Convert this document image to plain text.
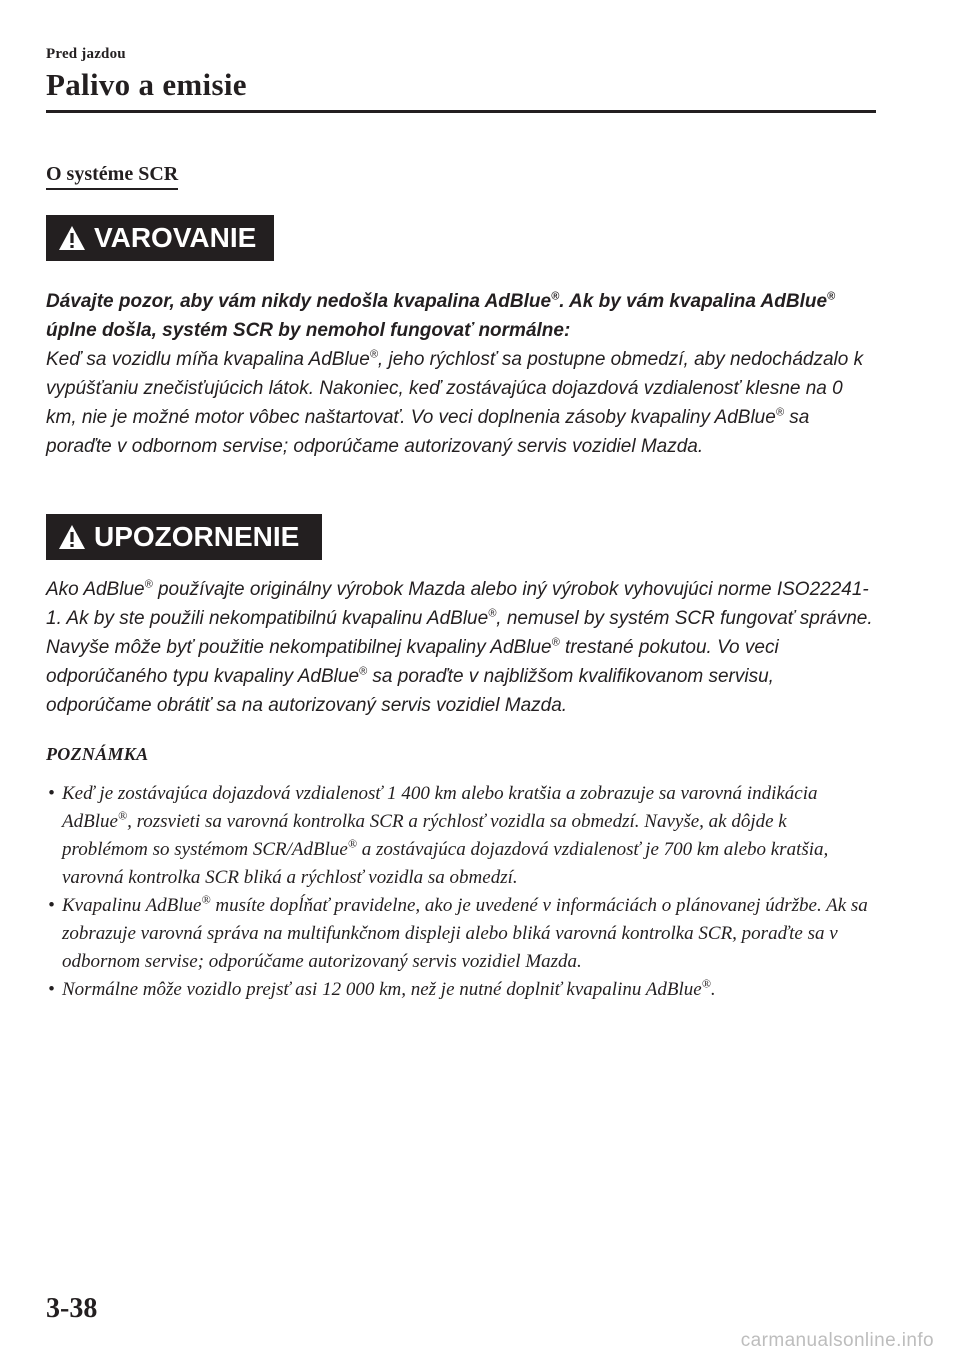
Pred jazdou
Palivo a emisie
O systéme SCR
VAROVANIE
Dávajte pozor, aby vám nikdy nedošla kvapalina AdBlue®. Ak by vám kvapalina AdBlue®
úplne došla, systém SCR by nemohol fungovať normálne:
Keď sa vozidlu míňa kvapalina AdBlue®, jeho rýchlosť sa postupne obmedzí, aby nedochádzalo k vypúšťaniu znečisťujúcich látok. Nakoniec, keď zostávajúca dojazdová vzdialenosť klesne na 0 km, nie je možné motor vôbec naštartovať. Vo veci doplnenia zásoby kvapaliny AdBlue® sa poraďte v odbornom servise; odporúčame autorizovaný servis vozidiel Mazda.
UPOZORNENIE
Ako AdBlue® používajte originálny výrobok Mazda alebo iný výrobok vyhovujúci norme ISO22241-1. Ak by ste použili nekompatibilnú kvapalinu AdBlue®, nemusel by systém SCR fungovať správne. Navyše môže byť použitie nekompatibilnej kvapaliny AdBlue® trestané pokutou. Vo veci odporúčaného typu kvapaliny AdBlue® sa poraďte v najbližšom kvalifikovanom servisu, odporúčame obrátiť sa na autorizovaný servis vozidiel Mazda.
POZNÁMKA
• Keď je zostávajúca dojazdová vzdialenosť 1 400 km alebo kratšia a zobrazuje sa varovná indikácia AdBlue®, rozsvieti sa varovná kontrolka SCR a rýchlosť vozidla sa obmedzí. Navyše, ak dôjde k problémom so systémom SCR/AdBlue® a zostávajúca dojazdová vzdialenosť je 700 km alebo kratšia, varovná kontrolka SCR bliká a rýchlosť vozidla sa obmedzí.
• Kvapalinu AdBlue® musíte dopĺňať pravidelne, ako je uvedené v informáciách o plánovanej údržbe. Ak sa zobrazuje varovná správa na multifunkčnom displeji alebo bliká varovná kontrolka SCR, poraďte sa v odbornom servise; odporúčame autorizovaný servis vozidiel Mazda.
• Normálne môže vozidlo prejsť asi 12 000 km, než je nutné doplniť kvapalinu AdBlue®.
3-38
carmanualsonline.info
